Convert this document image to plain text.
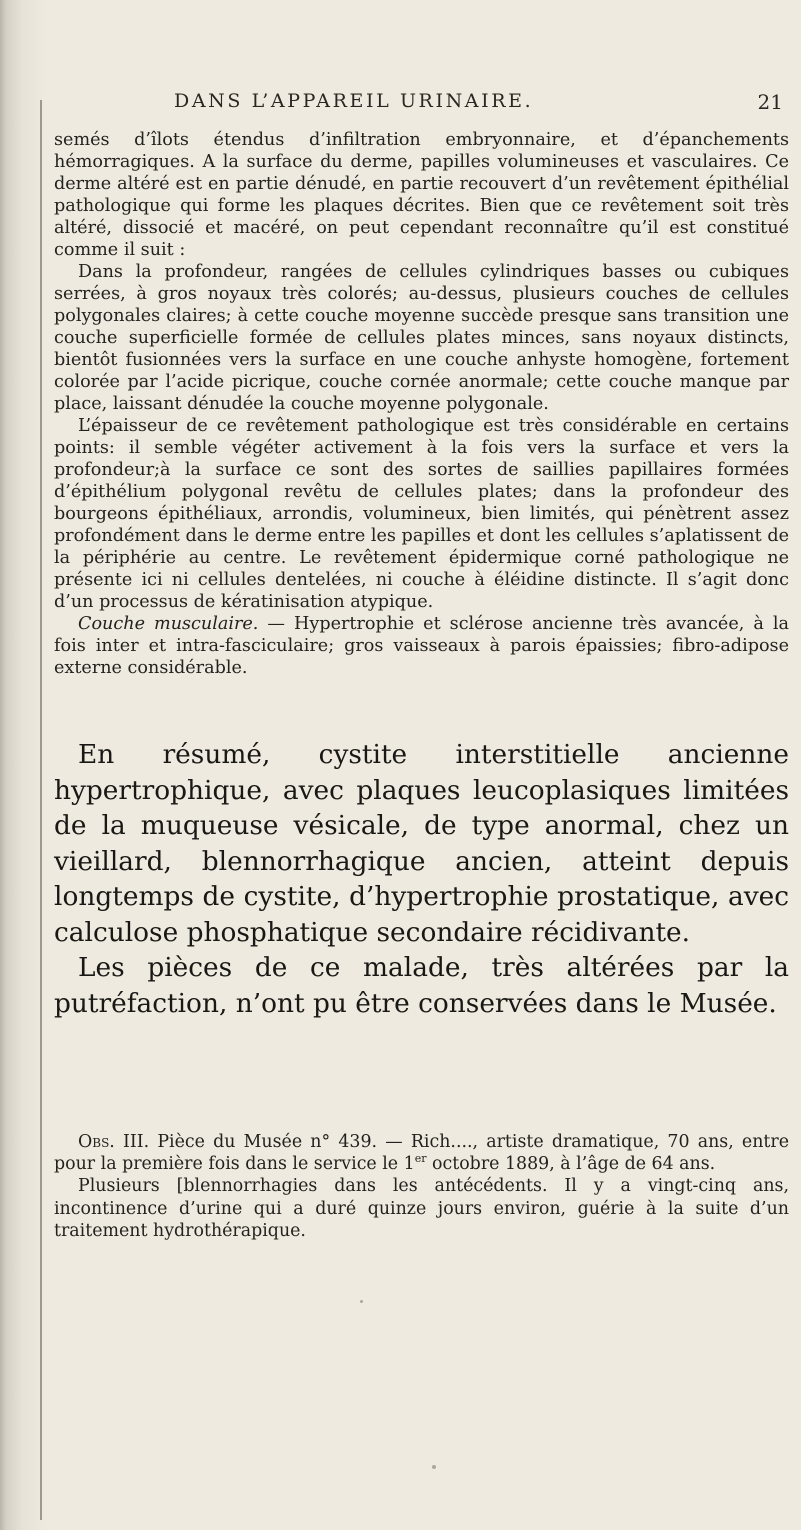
DANS L’APPAREIL URINAIRE.	21

semés d’îlots étendus d’infiltration embryonnaire, et d’épanchements hémorragiques. A la surface du derme, papilles volumineuses et vasculaires. Ce derme altéré est en partie dénudé, en partie recouvert d’un revêtement épithélial pathologique qui forme les plaques décrites. Bien que ce revêtement soit très altéré, dissocié et macéré, on peut cependant reconnaître qu’il est constitué comme il suit :

Dans la profondeur, rangées de cellules cylindriques basses ou cubiques serrées, à gros noyaux très colorés; au-dessus, plusieurs couches de cellules polygonales claires; à cette couche moyenne succède presque sans transition une couche superficielle formée de cellules plates minces, sans noyaux distincts, bientôt fusionnées vers la surface en une couche anhyste homogène, fortement colorée par l’acide picrique, couche cornée anormale; cette couche manque par place, laissant dénudée la couche moyenne polygonale.

L’épaisseur de ce revêtement pathologique est très considérable en certains points: il semble végéter activement à la fois vers la surface et vers la profondeur;à la surface ce sont des sortes de saillies papillaires formées d’épithélium polygonal revêtu de cellules plates; dans la profondeur des bourgeons épithéliaux, arrondis, volumineux, bien limités, qui pénètrent assez profondément dans le derme entre les papilles et dont les cellules s’aplatissent de la périphérie au centre. Le revêtement épidermique corné pathologique ne présente ici ni cellules dentelées, ni couche à éléidine distincte. Il s’agit donc d’un processus de kératinisation atypique.

Couche musculaire. — Hypertrophie et sclérose ancienne très avancée, à la fois inter et intra-fasciculaire; gros vaisseaux à parois épaissies; fibro-adipose externe considérable.

En résumé, cystite interstitielle ancienne hypertrophique, avec plaques leucoplasiques limitées de la muqueuse vésicale, de type anormal, chez un vieillard, blennorrhagique ancien, atteint depuis longtemps de cystite, d’hypertrophie prostatique, avec calculose phosphatique secondaire récidivante.

Les pièces de ce malade, très altérées par la putréfaction, n’ont pu être conservées dans le Musée.

Obs. III. Pièce du Musée n° 439. — Rich...., artiste dramatique, 70 ans, entre pour la première fois dans le service le 1er octobre 1889, à l’âge de 64 ans.

Plusieurs [blennorrhagies dans les antécédents. Il y a vingt-cinq ans, incontinence d’urine qui a duré quinze jours environ, guérie à la suite d’un traitement hydrothérapique.
